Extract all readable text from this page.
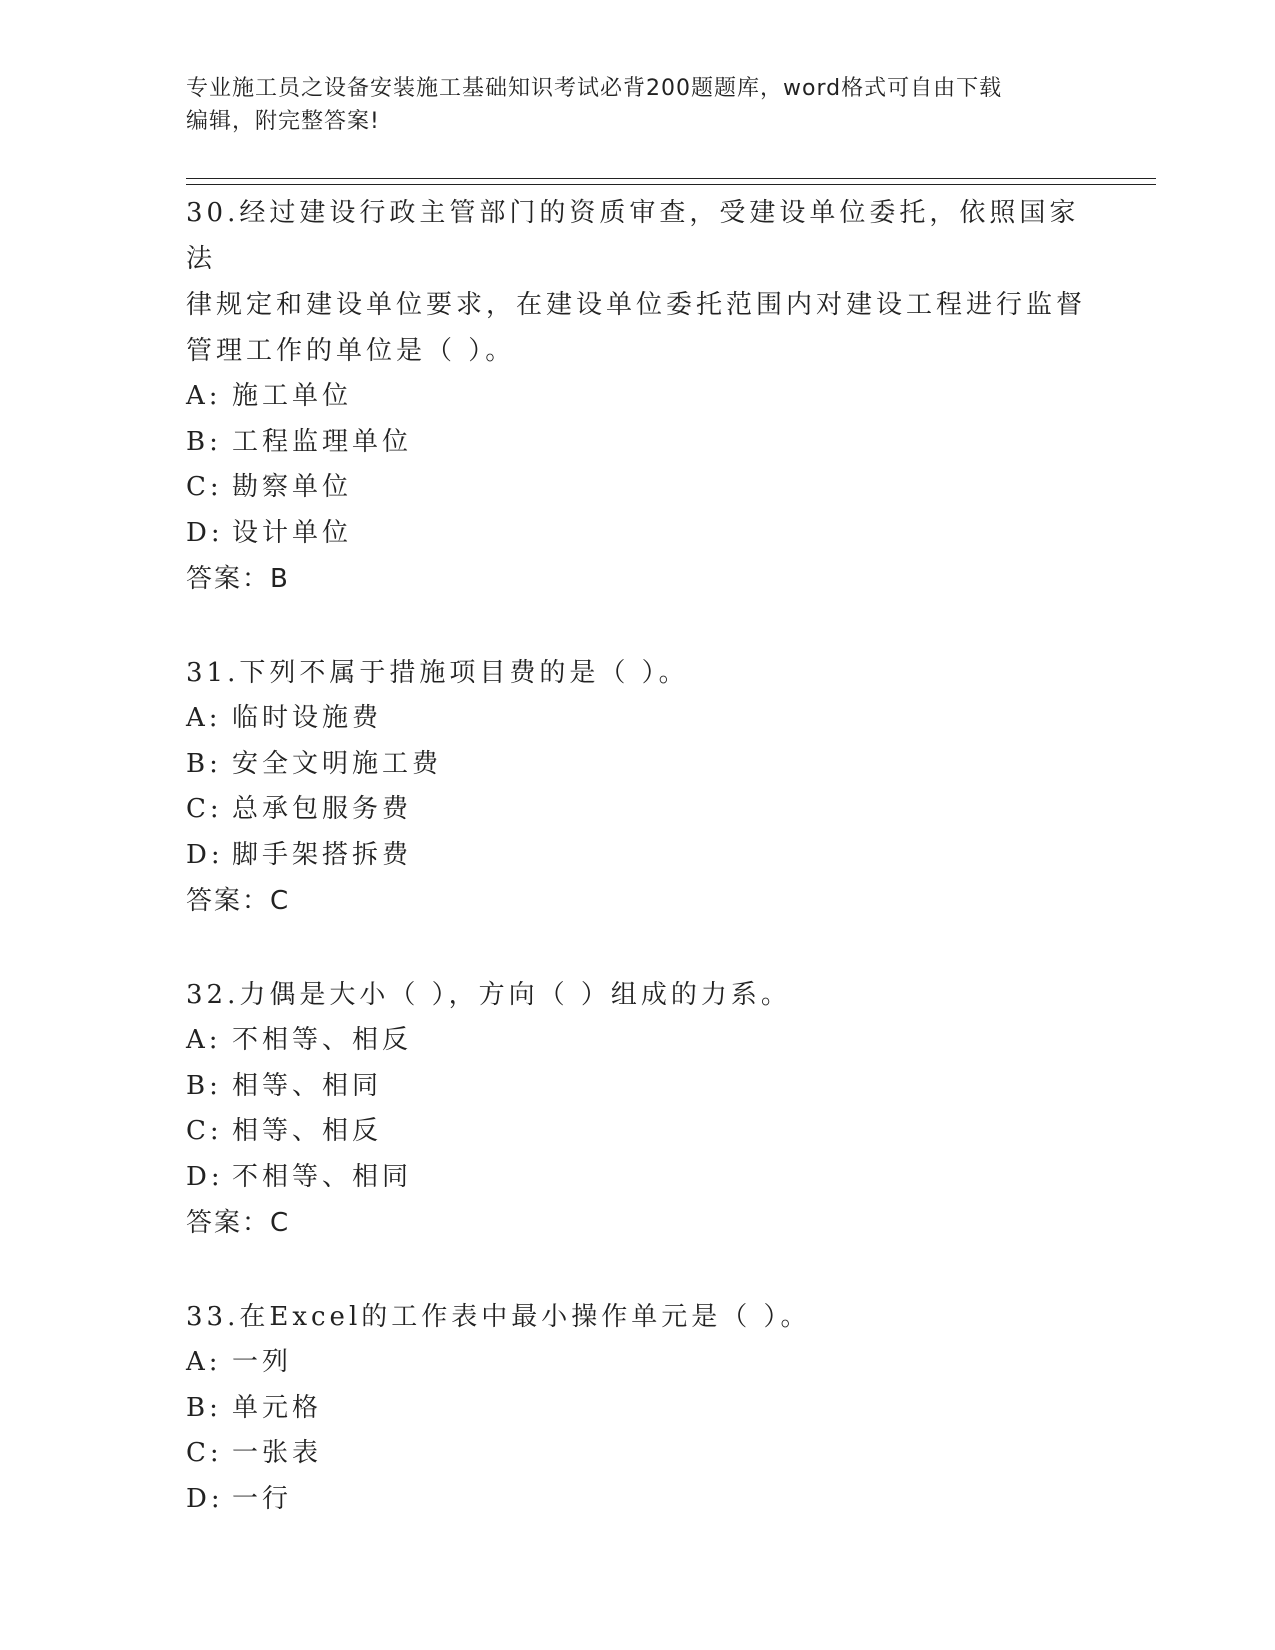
专业施工员之设备安装施工基础知识考试必背200题题库，word格式可自由下载
编辑，附完整答案!
30.经过建设行政主管部门的资质审查，受建设单位委托，依照国家法
律规定和建设单位要求，在建设单位委托范围内对建设工程进行监督
管理工作的单位是（ ）。
A: 施工单位
B: 工程监理单位
C: 勘察单位
D: 设计单位
答案：B
31.下列不属于措施项目费的是（ ）。
A: 临时设施费
B: 安全文明施工费
C: 总承包服务费
D: 脚手架搭拆费
答案：C
32.力偶是大小（ ），方向（ ）组成的力系。
A: 不相等、相反
B: 相等、相同
C: 相等、相反
D: 不相等、相同
答案：C
33.在Excel的工作表中最小操作单元是（ ）。
A: 一列
B: 单元格
C: 一张表
D: 一行
